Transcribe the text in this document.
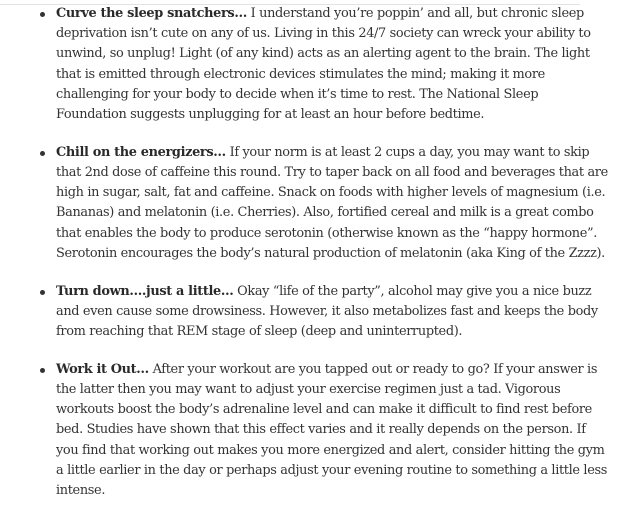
Curve the sleep snatchers… I understand you’re poppin’ and all, but chronic sleep deprivation isn’t cute on any of us. Living in this 24/7 society can wreck your ability to unwind, so unplug! Light (of any kind) acts as an alerting agent to the brain. The light that is emitted through electronic devices stimulates the mind; making it more challenging for your body to decide when it’s time to rest. The National Sleep Foundation suggests unplugging for at least an hour before bedtime.
Chill on the energizers… If your norm is at least 2 cups a day, you may want to skip that 2nd dose of caffeine this round. Try to taper back on all food and beverages that are high in sugar, salt, fat and caffeine. Snack on foods with higher levels of magnesium (i.e. Bananas) and melatonin (i.e. Cherries). Also, fortified cereal and milk is a great combo that enables the body to produce serotonin (otherwise known as the “happy hormone”. Serotonin encourages the body’s natural production of melatonin (aka King of the Zzzz).
Turn down….just a little… Okay “life of the party”, alcohol may give you a nice buzz and even cause some drowsiness. However, it also metabolizes fast and keeps the body from reaching that REM stage of sleep (deep and uninterrupted).
Work it Out… After your workout are you tapped out or ready to go? If your answer is the latter then you may want to adjust your exercise regimen just a tad. Vigorous workouts boost the body’s adrenaline level and can make it difficult to find rest before bed. Studies have shown that this effect varies and it really depends on the person. If you find that working out makes you more energized and alert, consider hitting the gym a little earlier in the day or perhaps adjust your evening routine to something a little less intense.
